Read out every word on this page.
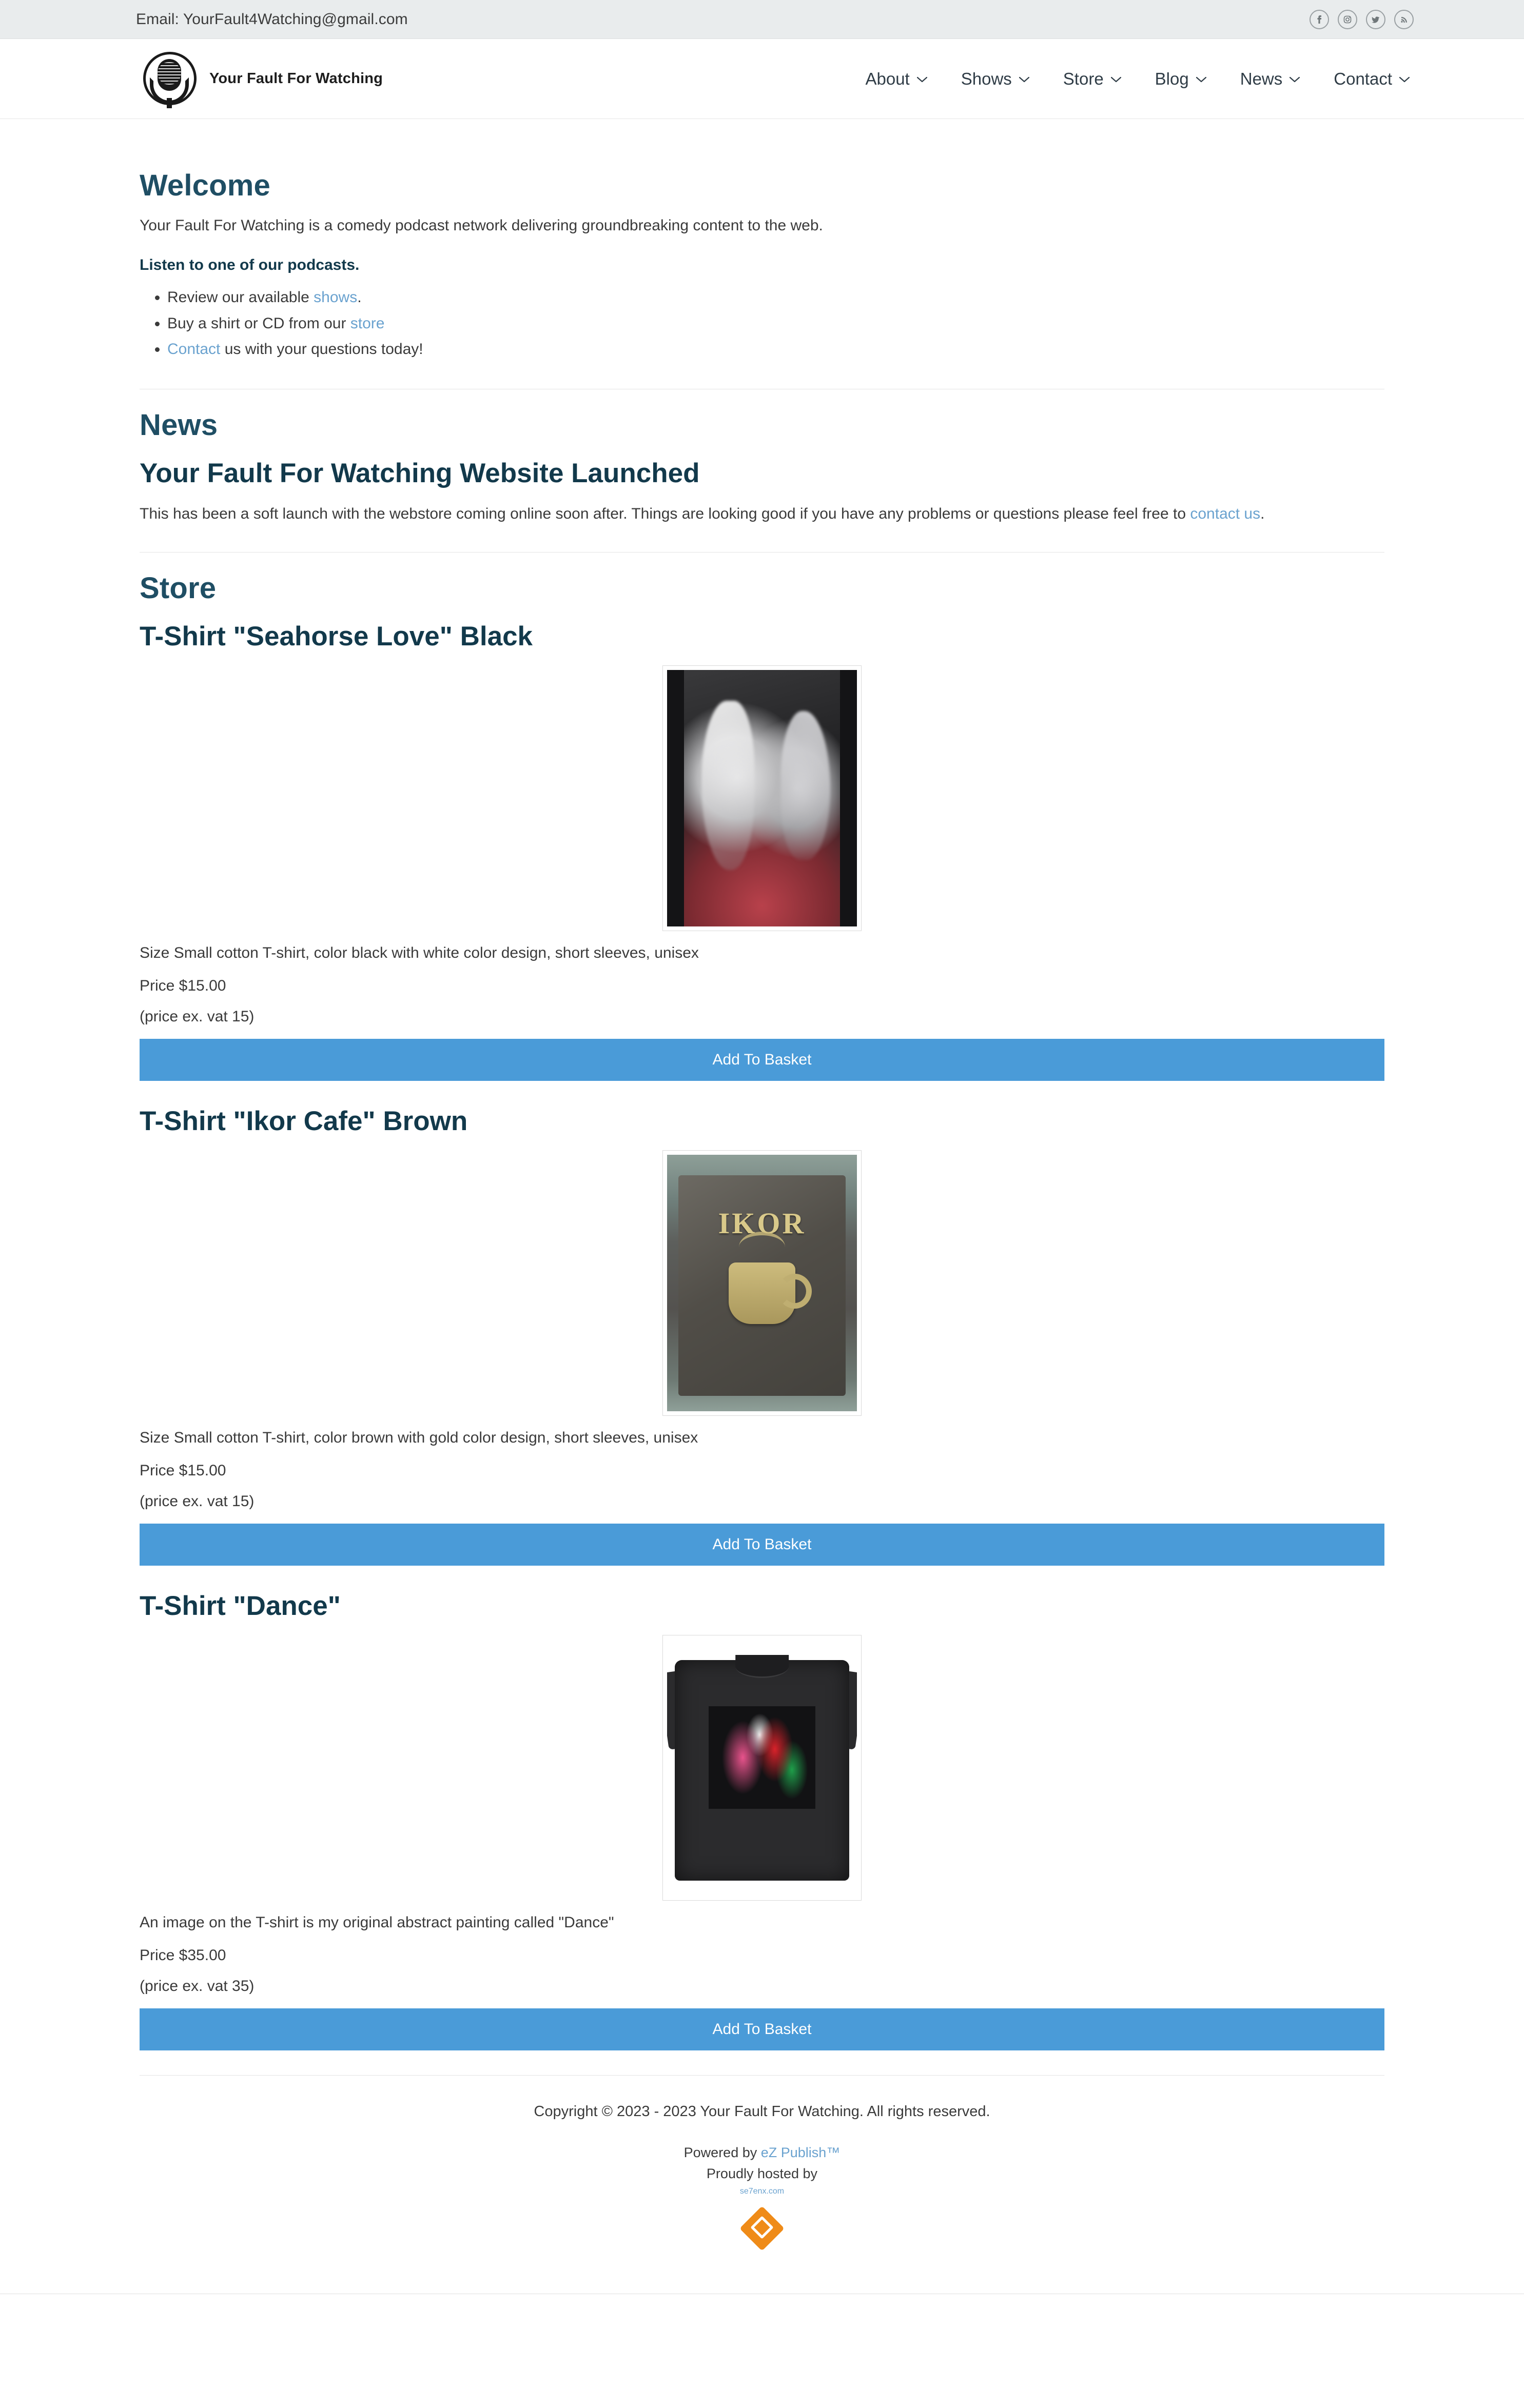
Email: YourFault4Watching@gmail.com
Your Fault For Watching	About	Shows	Store	Blog	News	Contact
Welcome

Your Fault For Watching is a comedy podcast network delivering groundbreaking content to the web.

Listen to one of our podcasts.

• Review our available shows.
• Buy a shirt or CD from our store
• Contact us with your questions today!
News
Your Fault For Watching Website Launched

This has been a soft launch with the webstore coming online soon after. Things are looking good if you have any problems or questions please feel free to contact us.

Store
T-Shirt "Seahorse Love" Black

Size Small cotton T-shirt, color black with white color design, short sleeves, unisex

Price $15.00

(price ex. vat 15)

Add To Basket
T-Shirt "Ikor Cafe" Brown
IKOR

Size Small cotton T-shirt, color brown with gold color design, short sleeves, unisex

Price $15.00

(price ex. vat 15)

Add To Basket
T-Shirt "Dance"

An image on the T-shirt is my original abstract painting called "Dance"

Price $35.00

(price ex. vat 35)

Add To Basket
Copyright © 2023 - 2023 Your Fault For Watching. All rights reserved.
Powered by eZ Publish™
Proudly hosted by
se7enx.com
